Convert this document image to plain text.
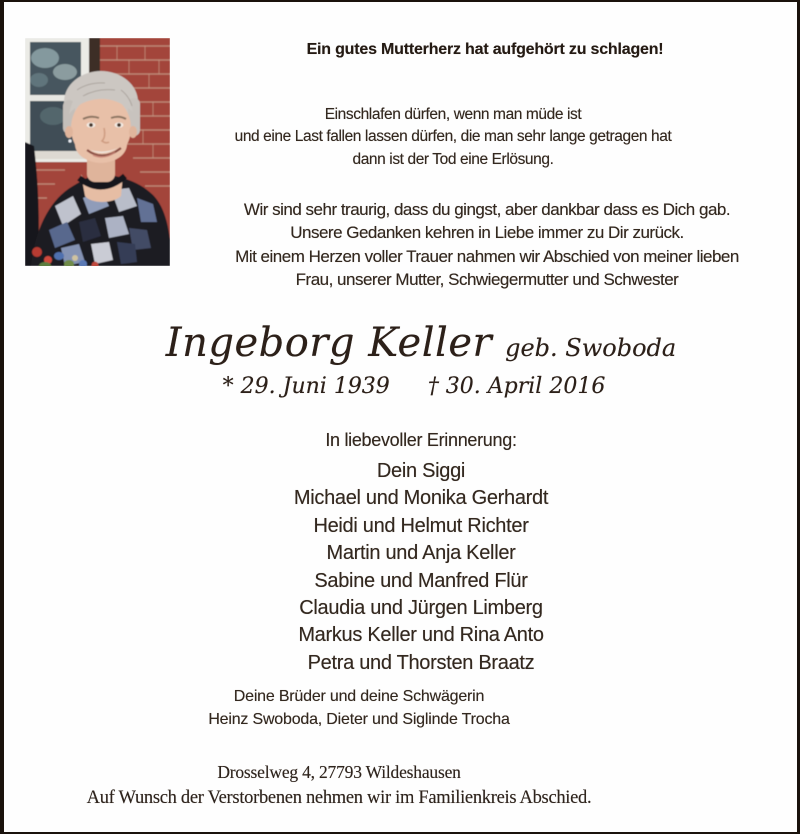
Ein gutes Mutterherz hat aufgehört zu schlagen!
Einschlafen dürfen, wenn man müde ist
und eine Last fallen lassen dürfen, die man sehr lange getragen hat
dann ist der Tod eine Erlösung.
Wir sind sehr traurig, dass du gingst, aber dankbar dass es Dich gab.
Unsere Gedanken kehren in Liebe immer zu Dir zurück.
Mit einem Herzen voller Trauer nahmen wir Abschied von meiner lieben
Frau, unserer Mutter, Schwiegermutter und Schwester
Ingeborg Keller geb. Swoboda
* 29. Juni 1939 † 30. April 2016
In liebevoller Erinnerung:
Dein Siggi
Michael und Monika Gerhardt
Heidi und Helmut Richter
Martin und Anja Keller
Sabine und Manfred Flür
Claudia und Jürgen Limberg
Markus Keller und Rina Anto
Petra und Thorsten Braatz
Deine Brüder und deine Schwägerin
Heinz Swoboda, Dieter und Siglinde Trocha
Drosselweg 4, 27793 Wildeshausen
Auf Wunsch der Verstorbenen nehmen wir im Familienkreis Abschied.
